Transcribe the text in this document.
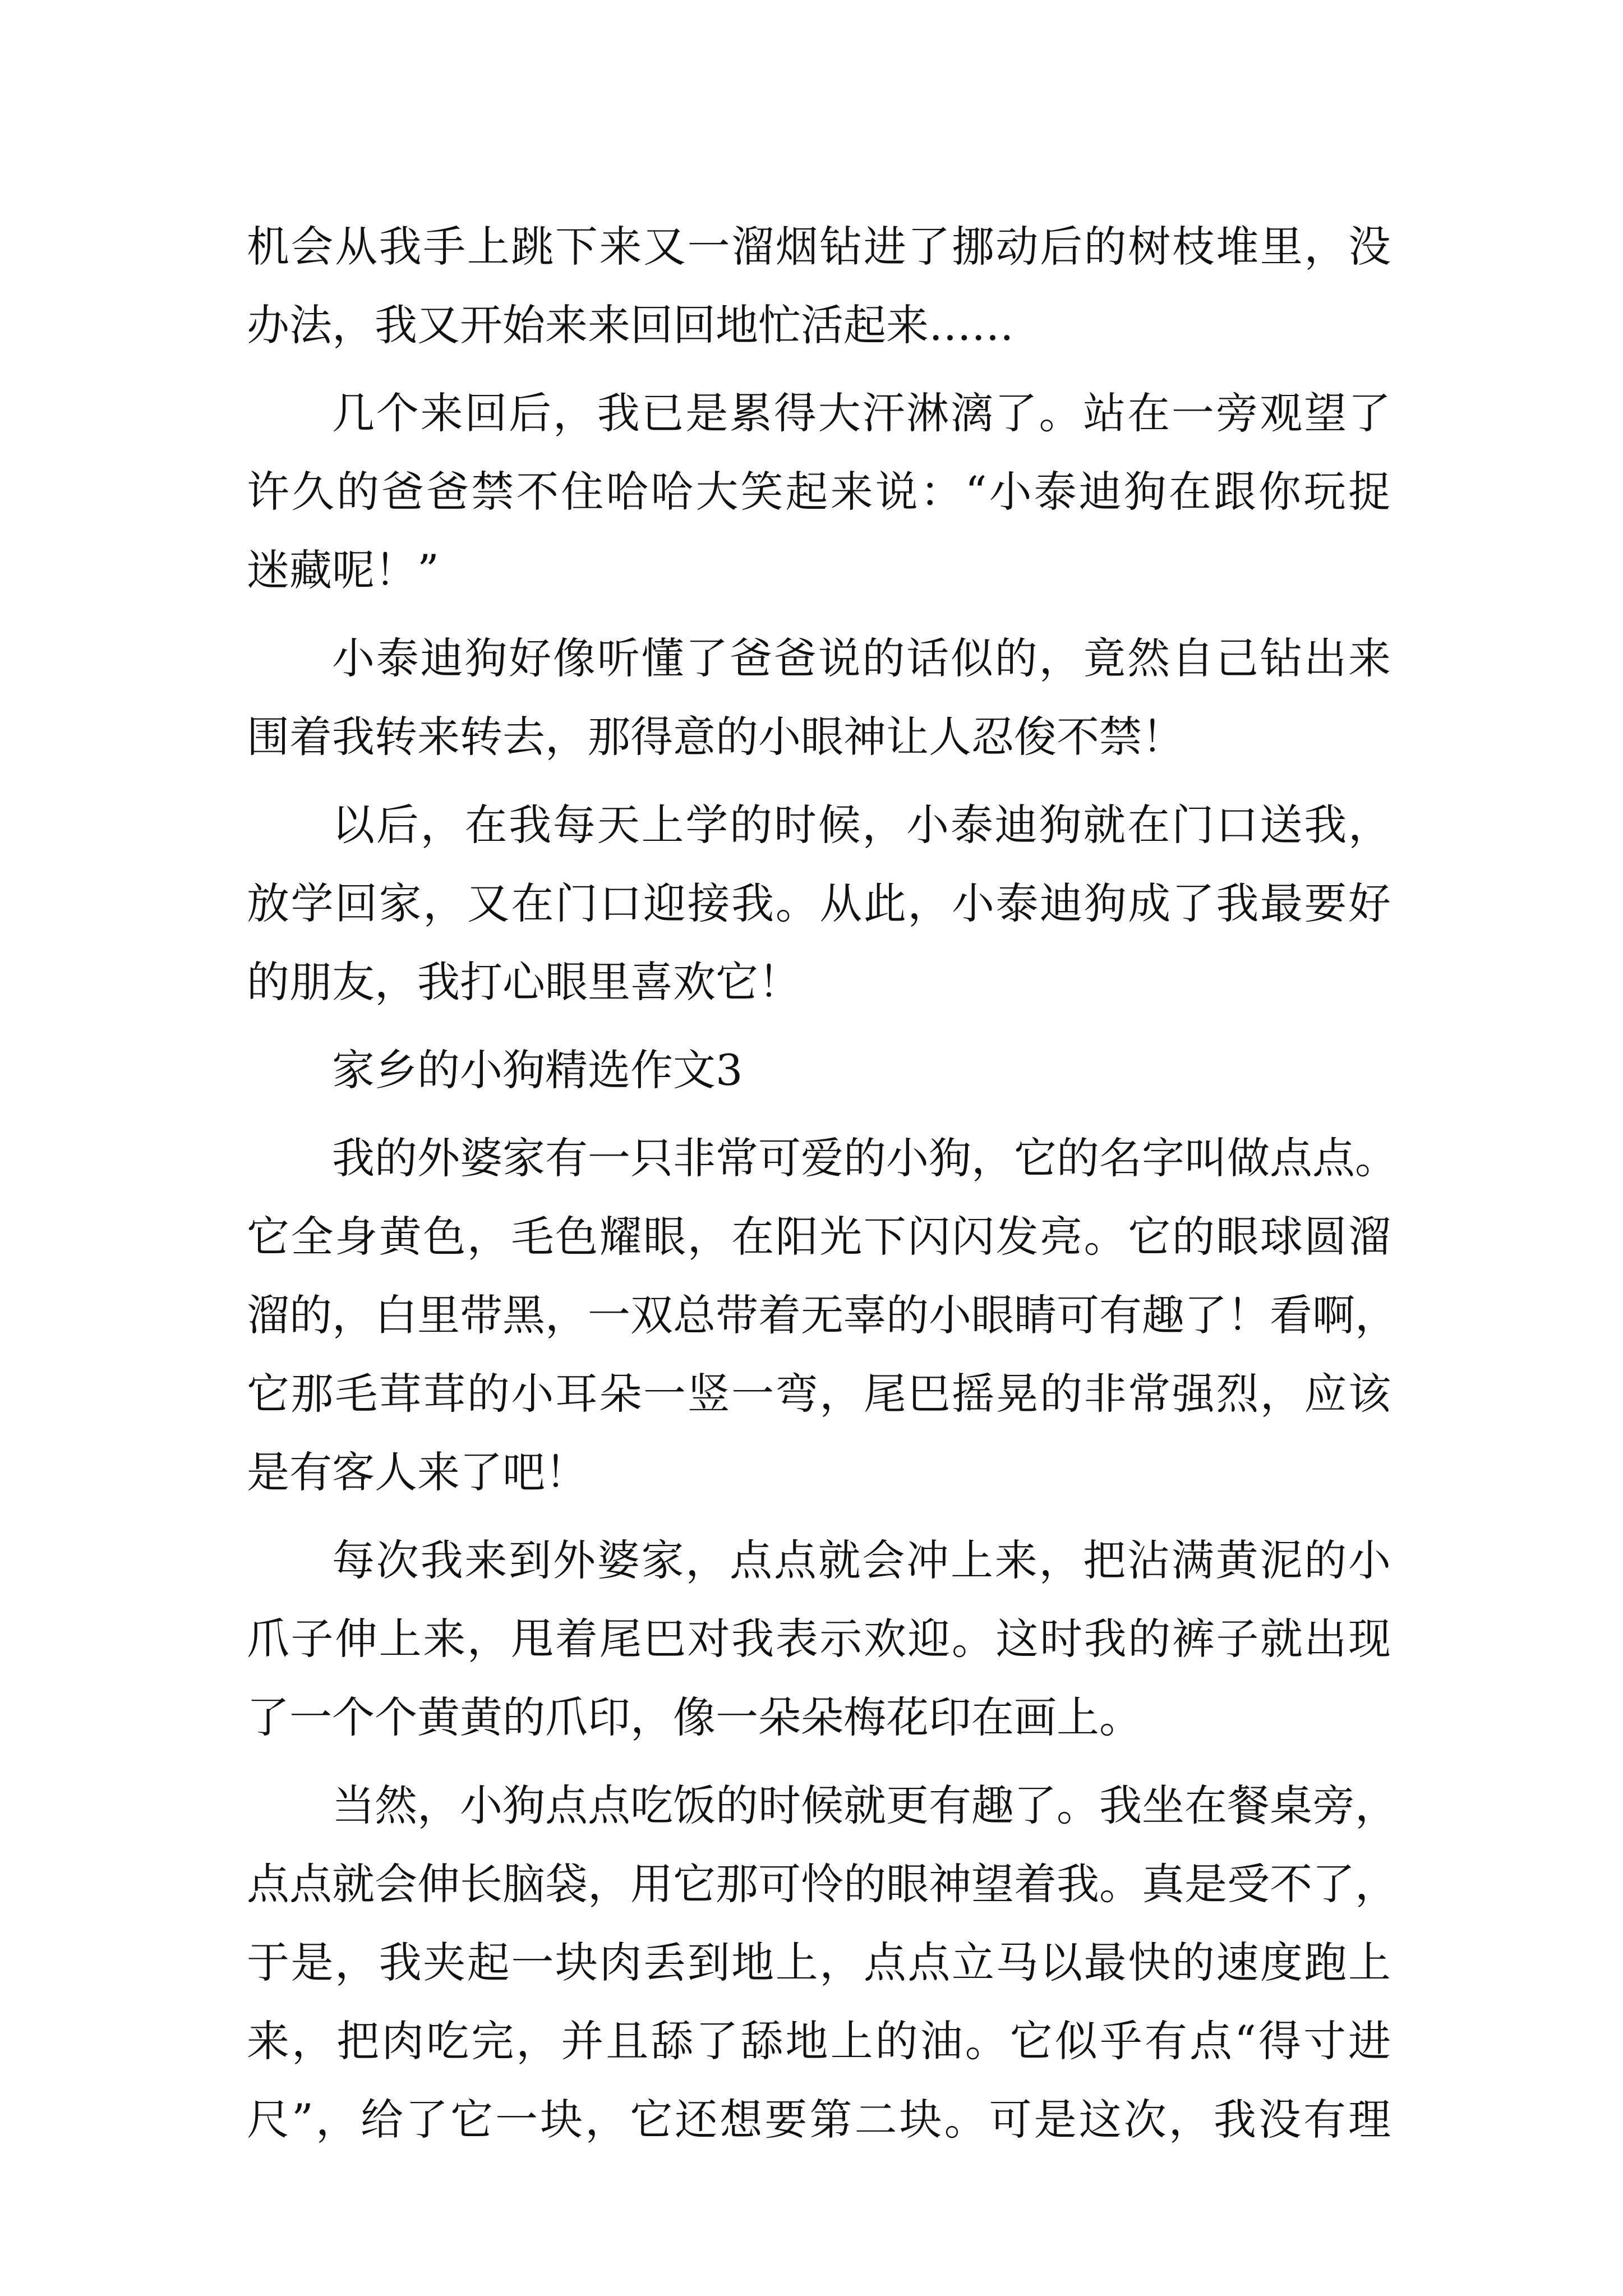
机会从我手上跳下来又一溜烟钻进了挪动后的树枝堆里，没
办法，我又开始来来回回地忙活起来……
几个来回后，我已是累得大汗淋漓了。站在一旁观望了
许久的爸爸禁不住哈哈大笑起来说：“小泰迪狗在跟你玩捉
迷藏呢！”
小泰迪狗好像听懂了爸爸说的话似的，竟然自己钻出来
围着我转来转去，那得意的小眼神让人忍俊不禁！
以后，在我每天上学的时候，小泰迪狗就在门口送我，
放学回家，又在门口迎接我。从此，小泰迪狗成了我最要好
的朋友，我打心眼里喜欢它！
家乡的小狗精选作文3
我的外婆家有一只非常可爱的小狗，它的名字叫做点点。
它全身黄色，毛色耀眼，在阳光下闪闪发亮。它的眼球圆溜
溜的，白里带黑，一双总带着无辜的小眼睛可有趣了！看啊，
它那毛茸茸的小耳朵一竖一弯，尾巴摇晃的非常强烈，应该
是有客人来了吧！
每次我来到外婆家，点点就会冲上来，把沾满黄泥的小
爪子伸上来，甩着尾巴对我表示欢迎。这时我的裤子就出现
了一个个黄黄的爪印，像一朵朵梅花印在画上。
当然，小狗点点吃饭的时候就更有趣了。我坐在餐桌旁，
点点就会伸长脑袋，用它那可怜的眼神望着我。真是受不了，
于是，我夹起一块肉丢到地上，点点立马以最快的速度跑上
来，把肉吃完，并且舔了舔地上的油。它似乎有点“得寸进
尺”，给了它一块，它还想要第二块。可是这次，我没有理
